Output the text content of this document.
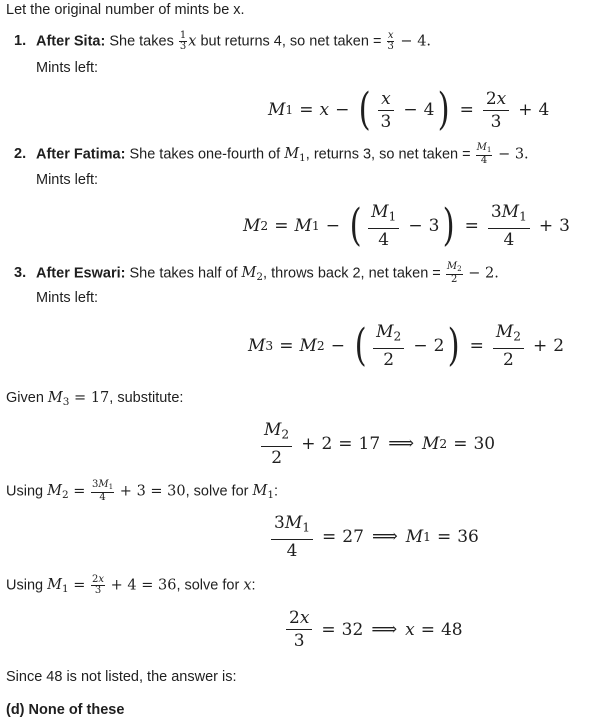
Let the original number of mints be x.
1. After Sita: She takes $\frac{1}{3}$ x but returns 4, so net taken = $\frac{x}{3} - 4$.
Mints left:
M 1 = x − ( x
3
− 4 ) = $\frac{2x}{3} + 4$
2. After Fatima: She takes one-fourth of $M_1$, returns 3, so net taken = $\frac{M_1}{4} - 3$.
Mints left:
M 2 = M 1 − ( $M_1$
4
− 3 ) = $\frac{3M_1}{4} + 3$
3. After Eswari: She takes half of $M_2$, throws back 2, net taken = $\frac{M_2}{2} - 2$.
Mints left:
M 3 = M 2 − ( $M_2$
2
− 2 ) = $\frac{M_2}{2} + 2$
Given $M_3 = 17$, substitute:
$M_2$
2
+ 2 = 17 ⟹ M 2 = 30
Using $M_2 = \frac{3M_1}{4} + 3 = 30$, solve for $M_1$:
$\frac{3M_1}{4} = 27$ ⟹ M 1 = 36
Using $M_1 = \frac{2x}{3} + 4 = 36$, solve for x:
$\frac{2x}{3} = 32$ ⟹ x = 48
Since 48 is not listed, the answer is:
(d) None of these
